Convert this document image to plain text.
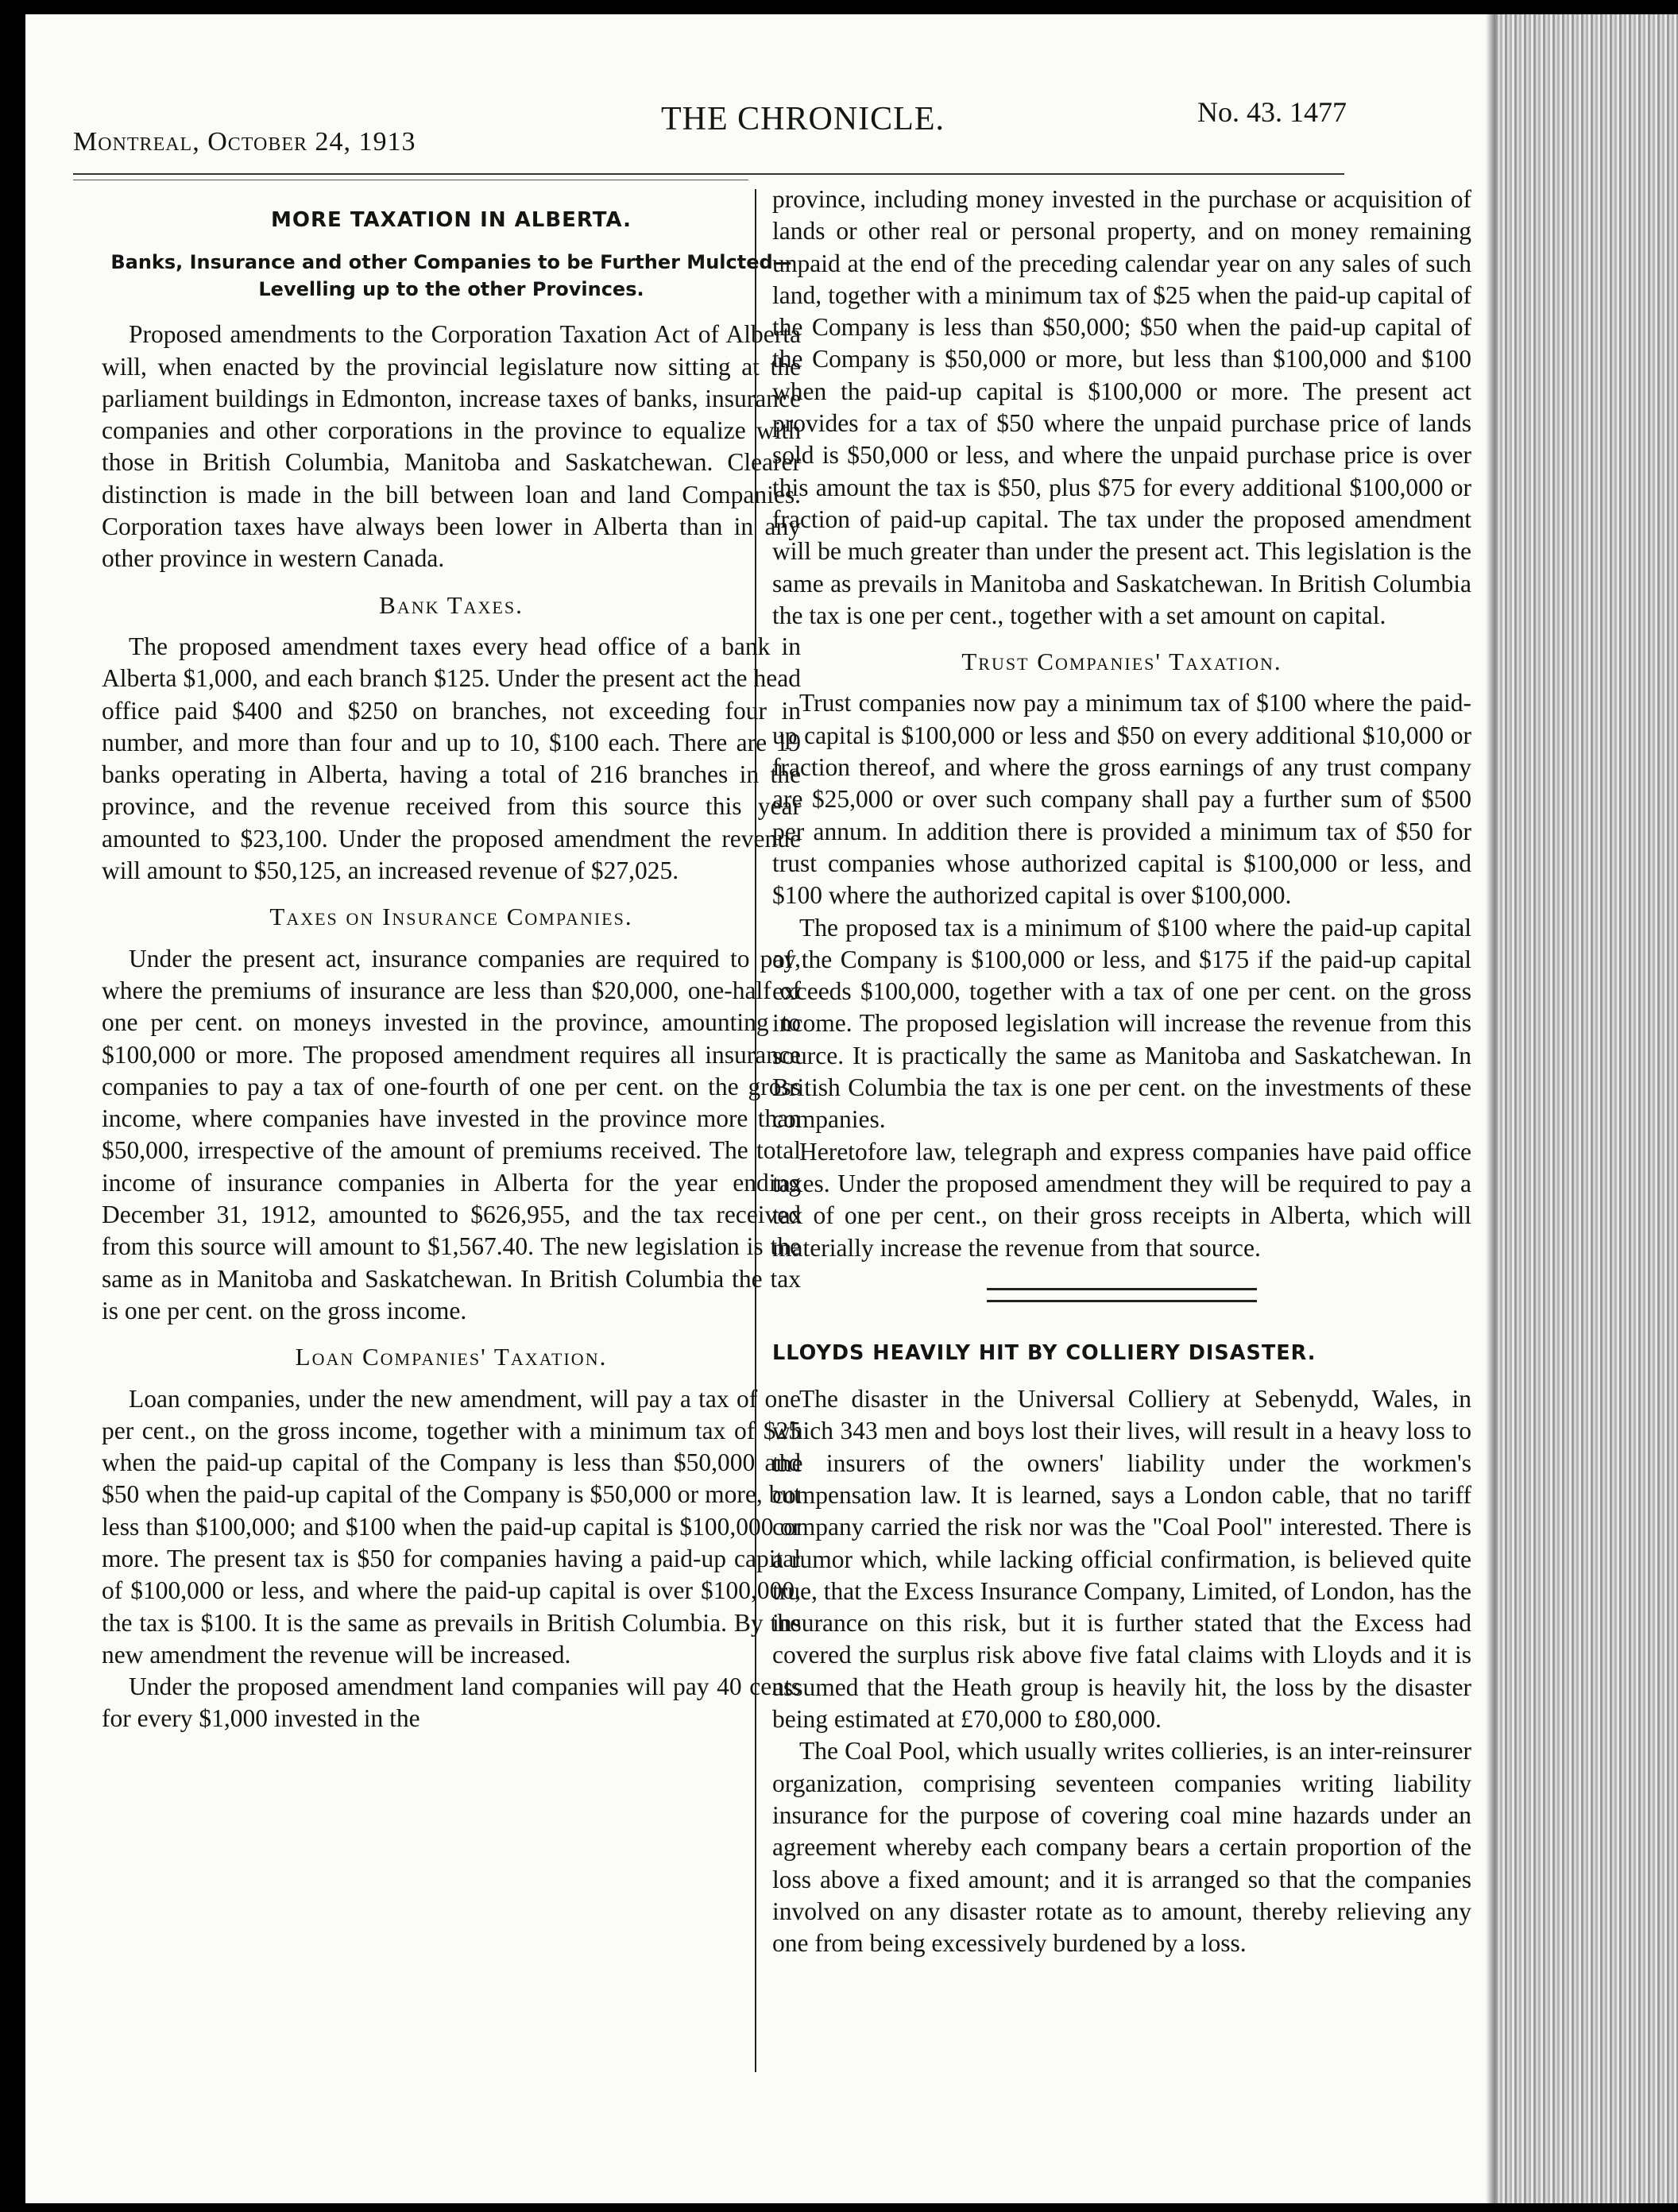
Montreal, October 24, 1913
THE CHRONICLE.	No. 43. 1477
MORE TAXATION IN ALBERTA.
Banks, Insurance and other Companies to be Further Mulcted—Levelling up to the other Provinces.

Proposed amendments to the Corporation Taxation Act of Alberta will, when enacted by the provincial legislature now sitting at the parliament buildings in Edmonton, increase taxes of banks, insurance companies and other corporations in the province to equalize with those in British Columbia, Manitoba and Saskatchewan. Clearer distinction is made in the bill between loan and land Companies. Corporation taxes have always been lower in Alberta than in any other province in western Canada.

Bank Taxes.

The proposed amendment taxes every head office of a bank in Alberta $1,000, and each branch $125. Under the present act the head office paid $400 and $250 on branches, not exceeding four in number, and more than four and up to 10, $100 each. There are 19 banks operating in Alberta, having a total of 216 branches in the province, and the revenue received from this source this year amounted to $23,100. Under the proposed amendment the revenue will amount to $50,125, an increased revenue of $27,025.

Taxes on Insurance Companies.

Under the present act, insurance companies are required to pay, where the premiums of insurance are less than $20,000, one-half of one per cent. on moneys invested in the province, amounting to $100,000 or more. The proposed amendment requires all insurance companies to pay a tax of one-fourth of one per cent. on the gross income, where companies have invested in the province more than $50,000, irrespective of the amount of premiums received. The total income of insurance companies in Alberta for the year ending December 31, 1912, amounted to $626,955, and the tax received from this source will amount to $1,567.40. The new legislation is the same as in Manitoba and Saskatchewan. In British Columbia the tax is one per cent. on the gross income.

Loan Companies' Taxation.

Loan companies, under the new amendment, will pay a tax of one per cent., on the gross income, together with a minimum tax of $25 when the paid-up capital of the Company is less than $50,000 and $50 when the paid-up capital of the Company is $50,000 or more, but less than $100,000; and $100 when the paid-up capital is $100,000 or more. The present tax is $50 for companies having a paid-up capital of $100,000 or less, and where the paid-up capital is over $100,000, the tax is $100. It is the same as prevails in British Columbia. By the new amendment the revenue will be increased.

Under the proposed amendment land companies will pay 40 cents for every $1,000 invested in the

province, including money invested in the purchase or acquisition of lands or other real or personal property, and on money remaining unpaid at the end of the preceding calendar year on any sales of such land, together with a minimum tax of $25 when the paid-up capital of the Company is less than $50,000; $50 when the paid-up capital of the Company is $50,000 or more, but less than $100,000 and $100 when the paid-up capital is $100,000 or more. The present act provides for a tax of $50 where the unpaid purchase price of lands sold is $50,000 or less, and where the unpaid purchase price is over this amount the tax is $50, plus $75 for every additional $100,000 or fraction of paid-up capital. The tax under the proposed amendment will be much greater than under the present act. This legislation is the same as prevails in Manitoba and Saskatchewan. In British Columbia the tax is one per cent., together with a set amount on capital.

Trust Companies' Taxation.

Trust companies now pay a minimum tax of $100 where the paid-up capital is $100,000 or less and $50 on every additional $10,000 or fraction thereof, and where the gross earnings of any trust company are $25,000 or over such company shall pay a further sum of $500 per annum. In addition there is provided a minimum tax of $50 for trust companies whose authorized capital is $100,000 or less, and $100 where the authorized capital is over $100,000.

The proposed tax is a minimum of $100 where the paid-up capital of the Company is $100,000 or less, and $175 if the paid-up capital exceeds $100,000, together with a tax of one per cent. on the gross income. The proposed legislation will increase the revenue from this source. It is practically the same as Manitoba and Saskatchewan. In British Columbia the tax is one per cent. on the investments of these companies.

Heretofore law, telegraph and express companies have paid office taxes. Under the proposed amendment they will be required to pay a tax of one per cent., on their gross receipts in Alberta, which will materially increase the revenue from that source.

LLOYDS HEAVILY HIT BY COLLIERY DISASTER.

The disaster in the Universal Colliery at Sebenydd, Wales, in which 343 men and boys lost their lives, will result in a heavy loss to the insurers of the owners' liability under the workmen's compensation law. It is learned, says a London cable, that no tariff company carried the risk nor was the "Coal Pool" interested. There is a rumor which, while lacking official confirmation, is believed quite true, that the Excess Insurance Company, Limited, of London, has the insurance on this risk, but it is further stated that the Excess had covered the surplus risk above five fatal claims with Lloyds and it is assumed that the Heath group is heavily hit, the loss by the disaster being estimated at £70,000 to £80,000.

The Coal Pool, which usually writes collieries, is an inter-reinsurer organization, comprising seventeen companies writing liability insurance for the purpose of covering coal mine hazards under an agreement whereby each company bears a certain proportion of the loss above a fixed amount; and it is arranged so that the companies involved on any disaster rotate as to amount, thereby relieving any one from being excessively burdened by a loss.
